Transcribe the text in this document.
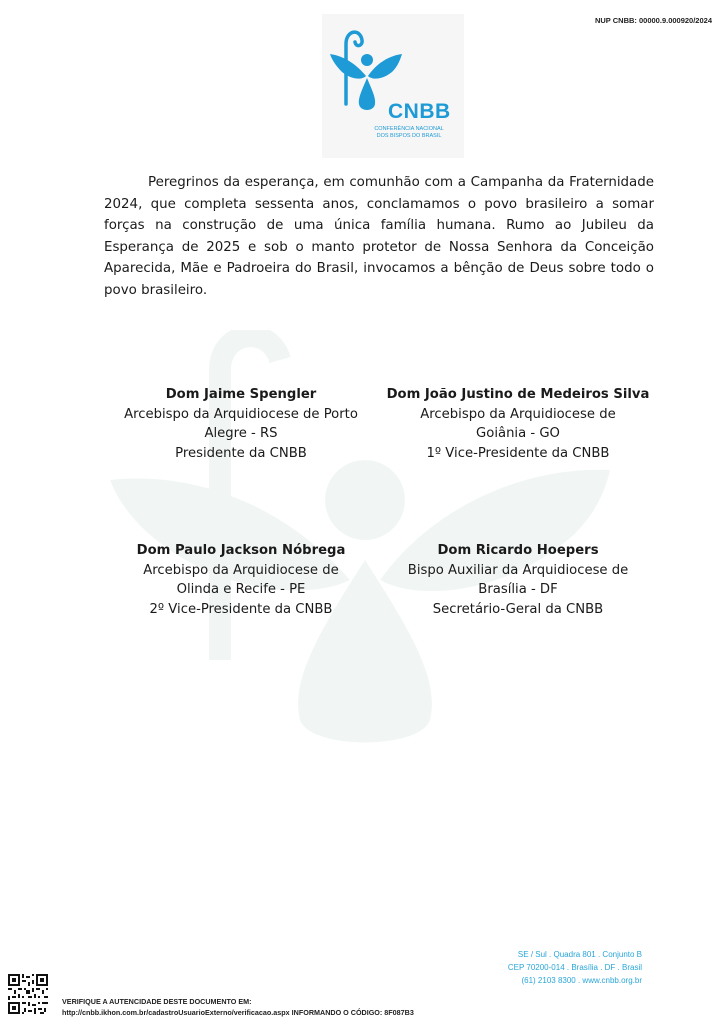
NUP CNBB: 00000.9.000920/2024
CNBB
CONFERÊNCIA NACIONAL
DOS BISPOS DO BRASIL

Peregrinos da esperança, em comunhão com a Campanha da Fraternidade 2024, que completa sessenta anos, conclamamos o povo brasileiro a somar forças na construção de uma única família humana. Rumo ao Jubileu da Esperança de 2025 e sob o manto protetor de Nossa Senhora da Conceição Aparecida, Mãe e Padroeira do Brasil, invocamos a bênção de Deus sobre todo o povo brasileiro.

Dom Jaime Spengler
Arcebispo da Arquidiocese de Porto
Alegre - RS
Presidente da CNBB
Dom João Justino de Medeiros Silva
Arcebispo da Arquidiocese de
Goiânia - GO
1º Vice-Presidente da CNBB
Dom Paulo Jackson Nóbrega
Arcebispo da Arquidiocese de
Olinda e Recife - PE
2º Vice-Presidente da CNBB
Dom Ricardo Hoepers
Bispo Auxiliar da Arquidiocese de
Brasília - DF
Secretário-Geral da CNBB
SE / Sul . Quadra 801 . Conjunto B
CEP 70200-014 . Brasília . DF . Brasil
(61) 2103 8300 . www.cnbb.org.br
VERIFIQUE A AUTENCIDADE DESTE DOCUMENTO EM:
http://cnbb.ikhon.com.br/cadastroUsuarioExterno/verificacao.aspx INFORMANDO O CÓDIGO: 8F087B3
